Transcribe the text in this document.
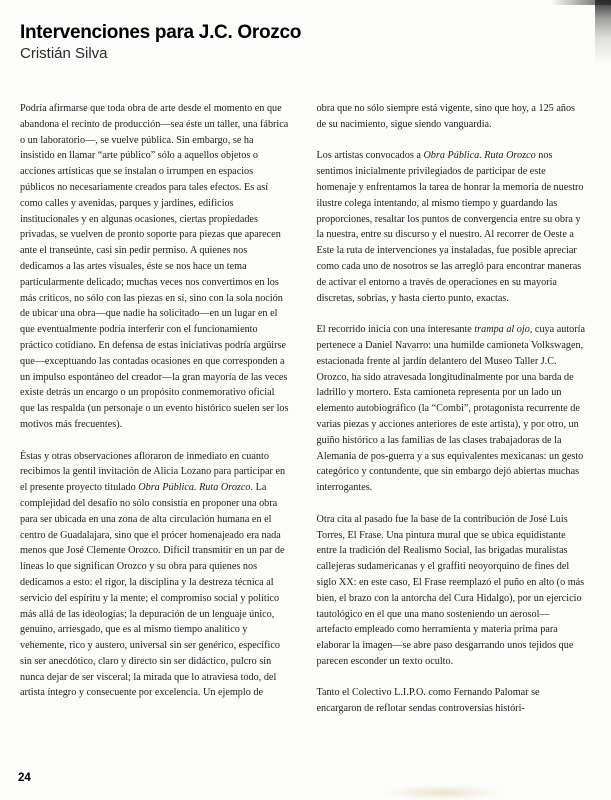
Intervenciones para J.C. Orozco
Cristián Silva

Podría afirmarse que toda obra de arte desde el momento en que abandona el recinto de producción—sea éste un taller, una fábrica o un laboratorio—, se vuelve pública. Sin embargo, se ha insistido en llamar “arte público” sólo a aquellos objetos o acciones artísticas que se instalan o irrumpen en espacios públicos no necesariamente creados para tales efectos. Es así como calles y avenidas, parques y jardines, edificios institucionales y en algunas ocasiones, ciertas propiedades privadas, se vuelven de pronto soporte para piezas que aparecen ante el transeúnte, casi sin pedir permiso. A quienes nos dedicamos a las artes visuales, éste se nos hace un tema particularmente delicado; muchas veces nos convertimos en los más críticos, no sólo con las piezas en sí, sino con la sola noción de ubicar una obra—que nadie ha solicitado—en un lugar en el que eventualmente podría interferir con el funcionamiento práctico cotidiano. En defensa de estas iniciativas podría argüirse que—exceptuando las contadas ocasiones en que corresponden a un impulso espontáneo del creador—la gran mayoría de las veces existe detrás un encargo o un propósito conmemorativo oficial que las respalda (un personaje o un evento histórico suelen ser los motivos más frecuentes).

Éstas y otras observaciones afloraron de inmediato en cuanto recibimos la gentil invitación de Alicia Lozano para participar en el presente proyecto titulado Obra Pública. Ruta Orozco. La complejidad del desafío no sólo consistía en proponer una obra para ser ubicada en una zona de alta circulación humana en el centro de Guadalajara, sino que el prócer homenajeado era nada menos que José Clemente Orozco. Difícil transmitir en un par de líneas lo que significan Orozco y su obra para quienes nos dedicamos a esto: el rigor, la disciplina y la destreza técnica al servicio del espíritu y la mente; el compromiso social y político más allá de las ideologías; la depuración de un lenguaje único, genuino, arriesgado, que es al mismo tiempo analítico y vehemente, rico y austero, universal sin ser genérico, específico sin ser anecdótico, claro y directo sin ser didáctico, pulcro sin nunca dejar de ser visceral; la mirada que lo atraviesa todo, del artista íntegro y consecuente por excelencia. Un ejemplo de

obra que no sólo siempre está vigente, sino que hoy, a 125 años de su nacimiento, sigue siendo vanguardia.

Los artistas convocados a Obra Pública. Ruta Orozco nos sentimos inicialmente privilegiados de participar de este homenaje y enfrentamos la tarea de honrar la memoria de nuestro ilustre colega intentando, al mismo tiempo y guardando las proporciones, resaltar los puntos de convergencia entre su obra y la nuestra, entre su discurso y el nuestro. Al recorrer de Oeste a Este la ruta de intervenciones ya instaladas, fue posible apreciar como cada uno de nosotros se las arregló para encontrar maneras de activar el entorno a través de operaciones en su mayoría discretas, sobrias, y hasta cierto punto, exactas.

El recorrido inicia con una interesante trampa al ojo, cuya autoría pertenece a Daniel Navarro: una humilde camioneta Volkswagen, estacionada frente al jardín delantero del Museo Taller J.C. Orozco, ha sido atravesada longitudinalmente por una barda de ladrillo y mortero. Esta camioneta representa por un lado un elemento autobiográfico (la “Combi”, protagonista recurrente de varias piezas y acciones anteriores de este artista), y por otro, un guiño histórico a las familias de las clases trabajadoras de la Alemania de pos-guerra y a sus equivalentes mexicanas: un gesto categórico y contundente, que sin embargo dejó abiertas muchas interrogantes.

Otra cita al pasado fue la base de la contribución de José Luis Torres, El Frase. Una pintura mural que se ubica equidistante entre la tradición del Realismo Social, las brigadas muralistas callejeras sudamericanas y el graffiti neoyorquino de fines del siglo XX: en este caso, El Frase reemplazó el puño en alto (o más bien, el brazo con la antorcha del Cura Hidalgo), por un ejercicio tautológico en el que una mano sosteniendo un aerosol—artefacto empleado como herramienta y materia prima para elaborar la imagen—se abre paso desgarrando unos tejidos que parecen esconder un texto oculto.

Tanto el Colectivo L.I.P.O. como Fernando Palomar se encargaron de reflotar sendas controversias históri-

24
